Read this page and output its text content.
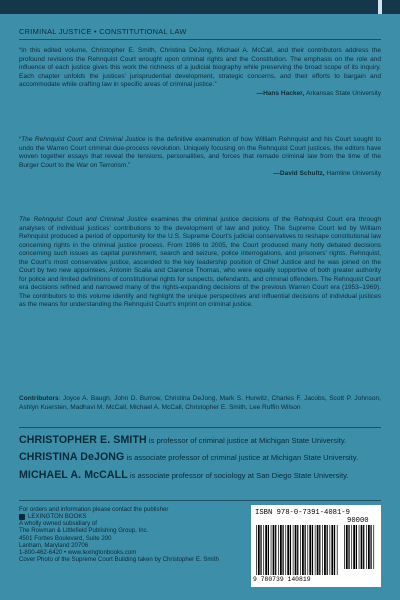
CRIMINAL JUSTICE • CONSTITUTIONAL LAW
“In this edited volume, Christopher E. Smith, Christina DeJong, Michael A. McCall, and their contributors address the profound revisions the Rehnquist Court wrought upon criminal rights and the Constitution. The emphasis on the role and influence of each justice gives this work the richness of a judicial biography while preserving the broad scope of its inquiry. Each chapter unfolds the justices’ jurisprudential development, strategic concerns, and their efforts to bargain and accommodate while crafting law in specific areas of criminal justice.”
—Hans Hacker, Arkansas State University
“The Rehnquist Court and Criminal Justice is the definitive examination of how William Rehnquist and his Court sought to undo the Warren Court criminal due-process revolution. Uniquely focusing on the Rehnquist Court justices, the editors have woven together essays that reveal the tensions, personalities, and forces that remade criminal law from the time of the Burger Court to the War on Terrorism.”
—David Schultz, Hamline University
The Rehnquist Court and Criminal Justice examines the criminal justice decisions of the Rehnquist Court era through analyses of individual justices’ contributions to the development of law and policy. The Supreme Court led by William Rehnquist produced a period of opportunity for the U.S. Supreme Court’s judicial conservatives to reshape constitutional law concerning rights in the criminal justice process. From 1986 to 2005, the Court produced many hotly debated decisions concerning such issues as capital punishment, search and seizure, police interrogations, and prisoners’ rights. Rehnquist, the Court’s most conservative justice, ascended to the key leadership position of Chief Justice and he was joined on the Court by two new appointees, Antonin Scalia and Clarence Thomas, who were equally supportive of both greater authority for police and limited definitions of constitutional rights for suspects, defendants, and criminal offenders. The Rehnquist Court era decisions refined and narrowed many of the rights-expanding decisions of the previous Warren Court era (1953–1969). The contributors to this volume identify and highlight the unique perspectives and influential decisions of individual justices as the means for understanding the Rehnquist Court’s imprint on criminal justice.
Contributors: Joyce A. Baugh, John D. Burrow, Christina DeJong, Mark S. Hurwitz, Charles F. Jacobs, Scott P. Johnson, Ashlyn Kuersten, Madhavi M. McCall, Michael A. McCall, Christopher E. Smith, Lee Ruffin Wilson
CHRISTOPHER E. SMITH is professor of criminal justice at Michigan State University.
CHRISTINA DeJONG is associate professor of criminal justice at Michigan State University.
MICHAEL A. McCALL is associate professor of sociology at San Diego State University.
For orders and information please contact the publisher
LEXINGTON BOOKS
A wholly owned subsidiary of
The Rowman & Littlefield Publishing Group, Inc.
4501 Forbes Boulevard, Suite 200
Lanham, Maryland 20706
1-800-462-6420 • www.lexingtonbooks.com
Cover Photo of the Supreme Court Building taken by Christopher E. Smith
ISBN 978-0-7391-4081-9
90000
9 780739 140819
